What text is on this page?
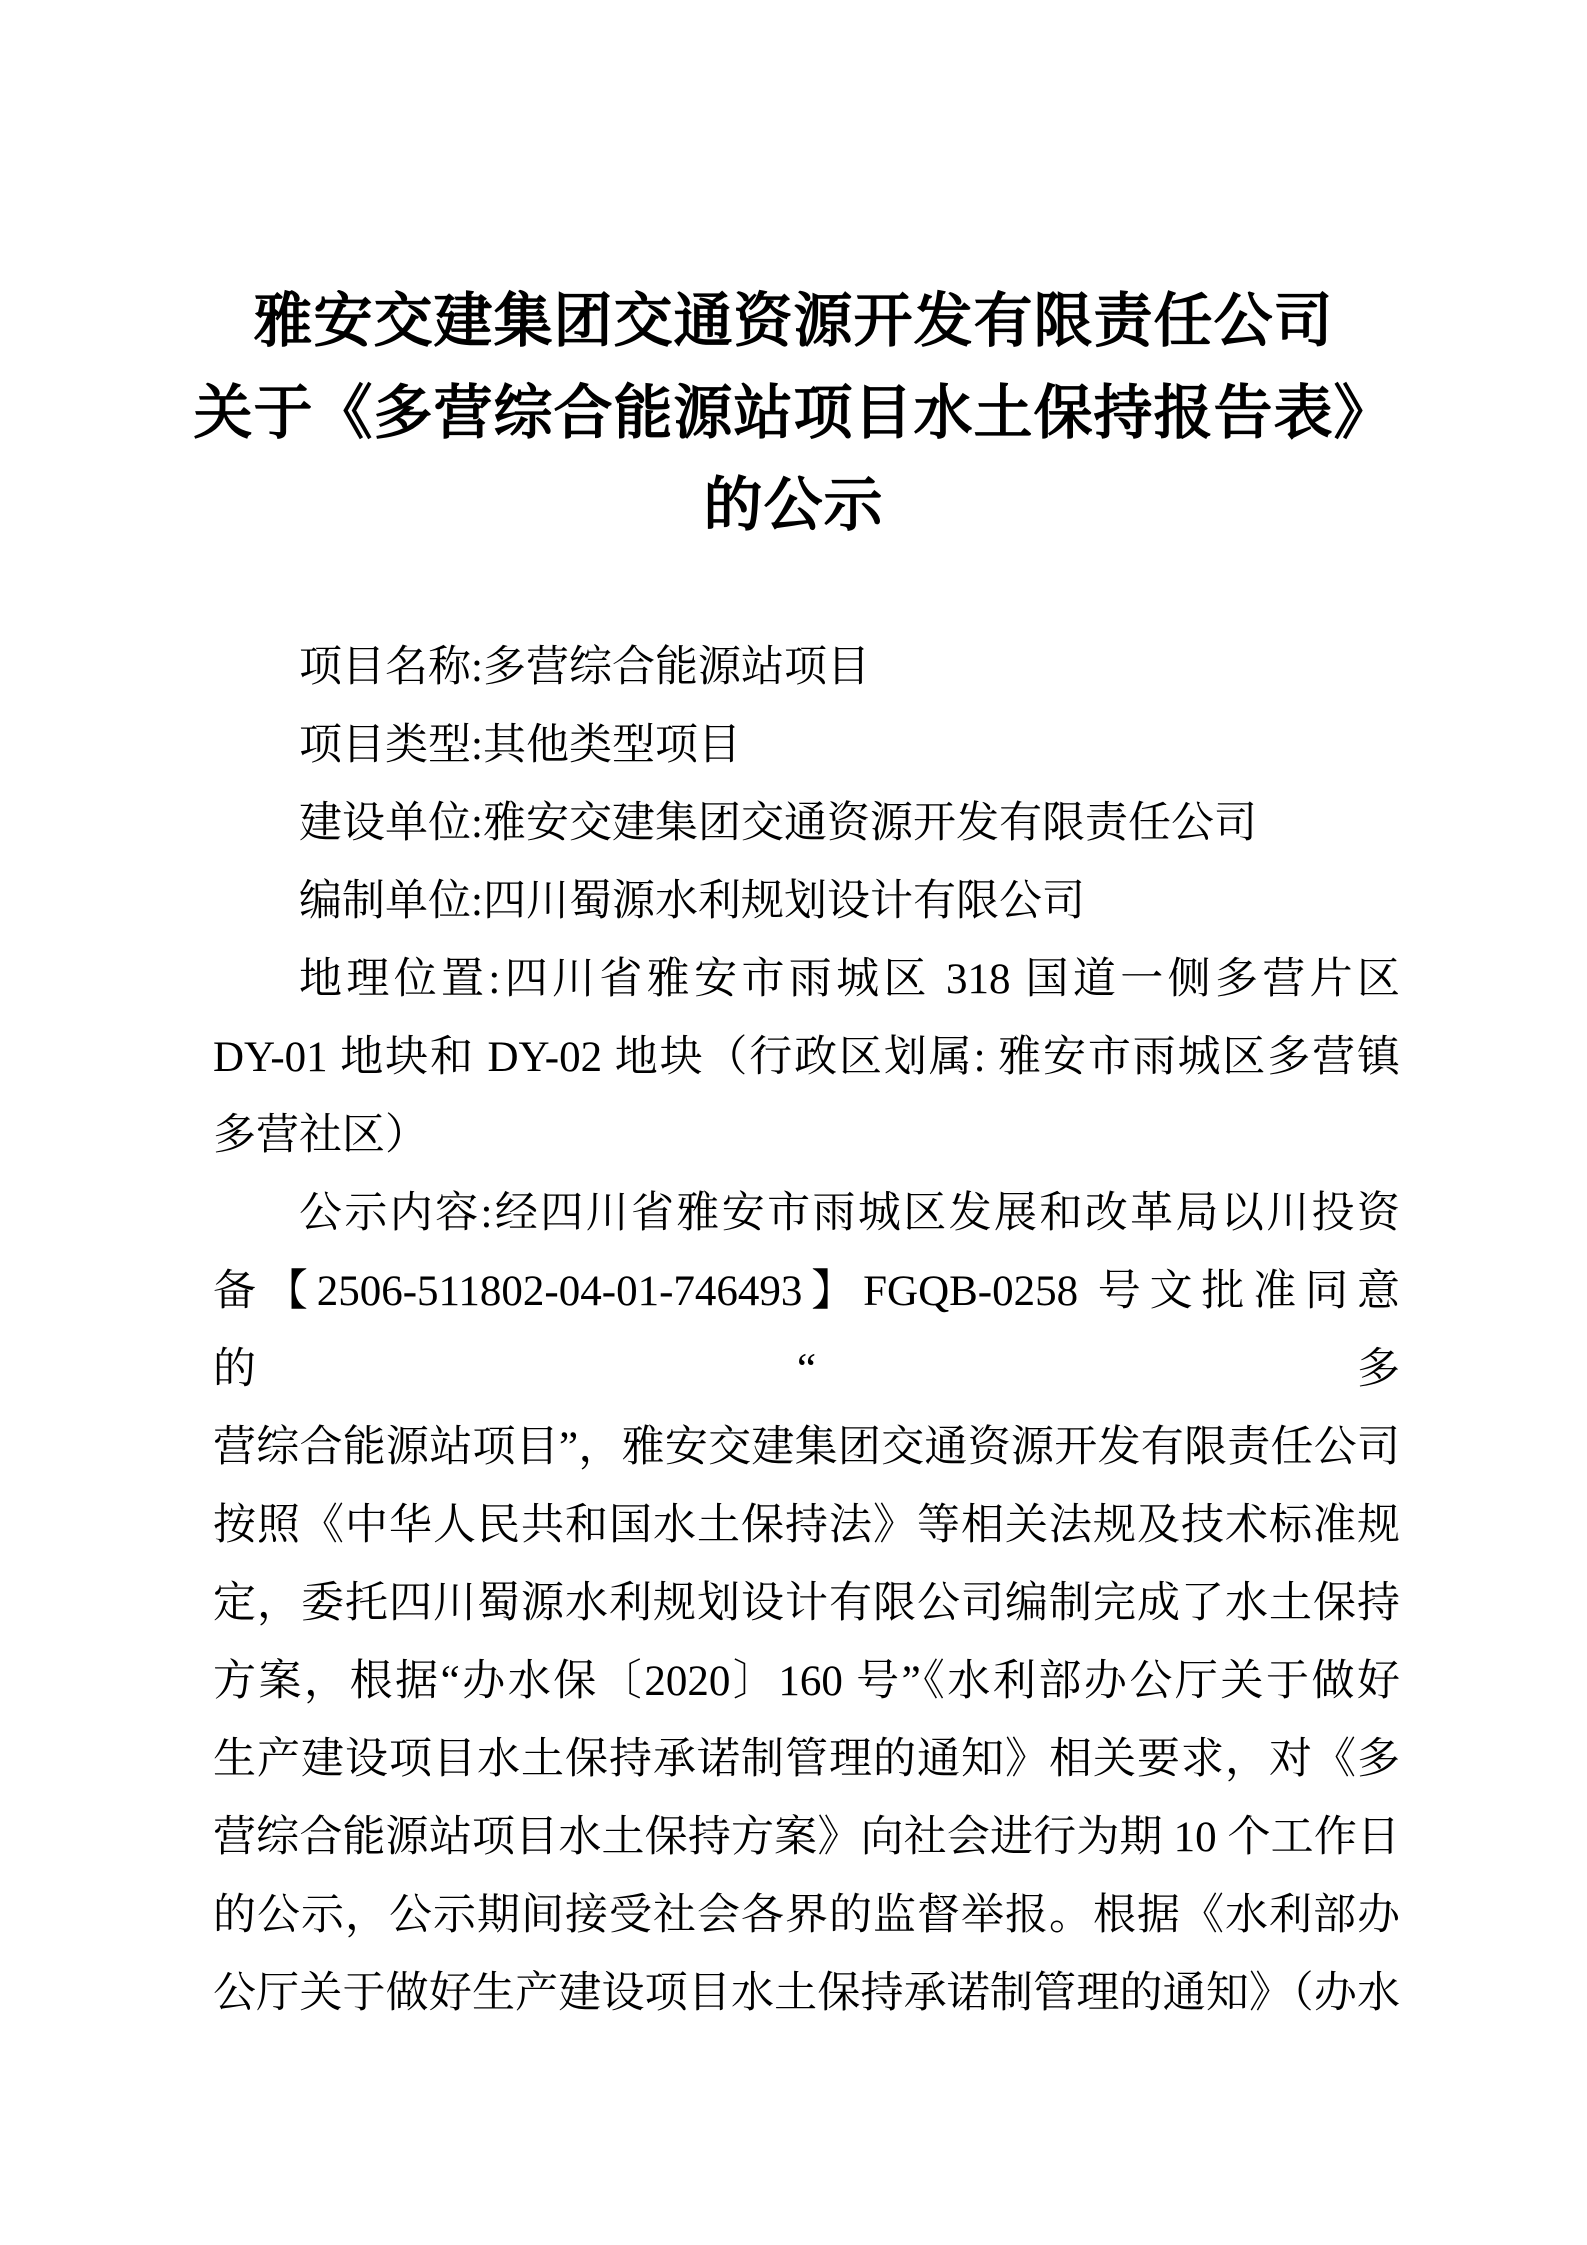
雅安交建集团交通资源开发有限责任公司
关于《多营综合能源站项目水土保持报告表》
的公示
项目名称:多营综合能源站项目
项目类型:其他类型项目
建设单位:雅安交建集团交通资源开发有限责任公司
编制单位:四川蜀源水利规划设计有限公司
地理位置:四川省雅安市雨城区 318 国道一侧多营片区
DY-01 地块和 DY-02 地块（行政区划属: 雅安市雨城区多营镇
多营社区）
公示内容:经四川省雅安市雨城区发展和改革局以川投资
备【2506-511802-04-01-746493】FGQB-0258 号文批准同意的“多
营综合能源站项目”，雅安交建集团交通资源开发有限责任公司
按照《中华人民共和国水土保持法》等相关法规及技术标准规
定，委托四川蜀源水利规划设计有限公司编制完成了水土保持
方案，根据“办水保〔2020〕160 号”《水利部办公厅关于做好
生产建设项目水土保持承诺制管理的通知》相关要求，对《多
营综合能源站项目水土保持方案》向社会进行为期 10 个工作日
的公示，公示期间接受社会各界的监督举报。根据《水利部办
公厅关于做好生产建设项目水土保持承诺制管理的通知》（办水
